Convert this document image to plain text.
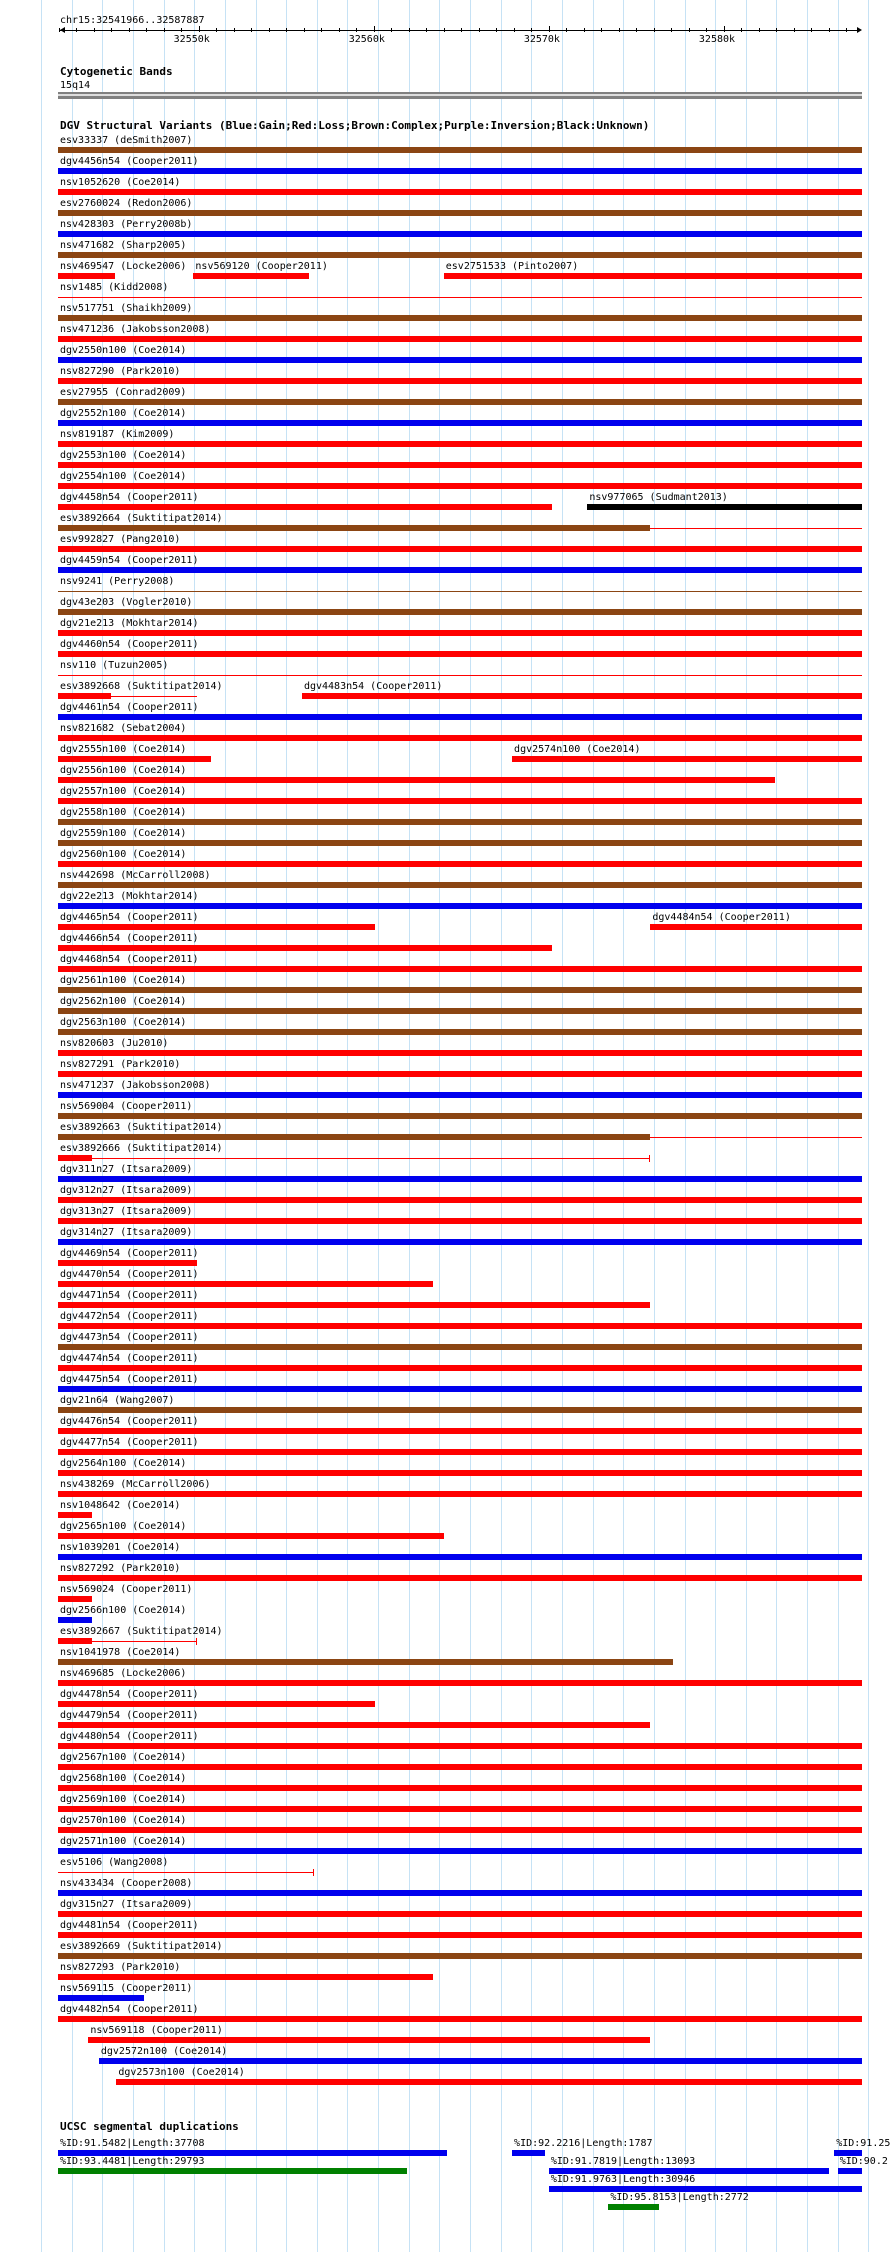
chr15:32541966..32587887
32550k	32560k	32570k	32580k
Cytogenetic Bands
15q14
DGV Structural Variants (Blue:Gain;Red:Loss;Brown:Complex;Purple:Inversion;Black:Unknown)
esv33337 (deSmith2007)
dgv4456n54 (Cooper2011)
nsv1052620 (Coe2014)
esv2760024 (Redon2006)
nsv428303 (Perry2008b)
nsv471682 (Sharp2005)
nsv469547 (Locke2006) nsv569120 (Cooper2011)	esv2751533 (Pinto2007)
nsv1485 (Kidd2008)
nsv517751 (Shaikh2009)
nsv471236 (Jakobsson2008)
dgv2550n100 (Coe2014)
nsv827290 (Park2010)
esv27955 (Conrad2009)
dgv2552n100 (Coe2014)
nsv819187 (Kim2009)
dgv2553n100 (Coe2014)
dgv2554n100 (Coe2014)
dgv4458n54 (Cooper2011)	nsv977065 (Sudmant2013)
esv3892664 (Suktitipat2014)
esv992827 (Pang2010)
dgv4459n54 (Cooper2011)
nsv9241 (Perry2008)
dgv43e203 (Vogler2010)
dgv21e213 (Mokhtar2014)
dgv4460n54 (Cooper2011)
nsv110 (Tuzun2005)
esv3892668 (Suktitipat2014)	dgv4483n54 (Cooper2011)
dgv4461n54 (Cooper2011)
nsv821682 (Sebat2004)
dgv2555n100 (Coe2014)	dgv2574n100 (Coe2014)
dgv2556n100 (Coe2014)
dgv2557n100 (Coe2014)
dgv2558n100 (Coe2014)
dgv2559n100 (Coe2014)
dgv2560n100 (Coe2014)
nsv442698 (McCarroll2008)
dgv22e213 (Mokhtar2014)
dgv4465n54 (Cooper2011)	dgv4484n54 (Cooper2011)
dgv4466n54 (Cooper2011)
dgv4468n54 (Cooper2011)
dgv2561n100 (Coe2014)
dgv2562n100 (Coe2014)
dgv2563n100 (Coe2014)
nsv820603 (Ju2010)
nsv827291 (Park2010)
nsv471237 (Jakobsson2008)
nsv569004 (Cooper2011)
esv3892663 (Suktitipat2014)
esv3892666 (Suktitipat2014)
dgv311n27 (Itsara2009)
dgv312n27 (Itsara2009)
dgv313n27 (Itsara2009)
dgv314n27 (Itsara2009)
dgv4469n54 (Cooper2011)
dgv4470n54 (Cooper2011)
dgv4471n54 (Cooper2011)
dgv4472n54 (Cooper2011)
dgv4473n54 (Cooper2011)
dgv4474n54 (Cooper2011)
dgv4475n54 (Cooper2011)
dgv21n64 (Wang2007)
dgv4476n54 (Cooper2011)
dgv4477n54 (Cooper2011)
dgv2564n100 (Coe2014)
nsv438269 (McCarroll2006)
nsv1048642 (Coe2014)
dgv2565n100 (Coe2014)
nsv1039201 (Coe2014)
nsv827292 (Park2010)
nsv569024 (Cooper2011)
dgv2566n100 (Coe2014)
esv3892667 (Suktitipat2014)
nsv1041978 (Coe2014)
nsv469685 (Locke2006)
dgv4478n54 (Cooper2011)
dgv4479n54 (Cooper2011)
dgv4480n54 (Cooper2011)
dgv2567n100 (Coe2014)
dgv2568n100 (Coe2014)
dgv2569n100 (Coe2014)
dgv2570n100 (Coe2014)
dgv2571n100 (Coe2014)
esv5106 (Wang2008)
nsv433434 (Cooper2008)
dgv315n27 (Itsara2009)
dgv4481n54 (Cooper2011)
esv3892669 (Suktitipat2014)
nsv827293 (Park2010)
nsv569115 (Cooper2011)
dgv4482n54 (Cooper2011)
nsv569118 (Cooper2011)
dgv2572n100 (Coe2014)
dgv2573n100 (Coe2014)
UCSC segmental duplications
%ID:91.5482|Length:37708	%ID:92.2216|Length:1787	%ID:91.25
%ID:93.4481|Length:29793	%ID:91.7819|Length:13093	%ID:90.2
%ID:91.9763|Length:30946
%ID:95.8153|Length:2772
